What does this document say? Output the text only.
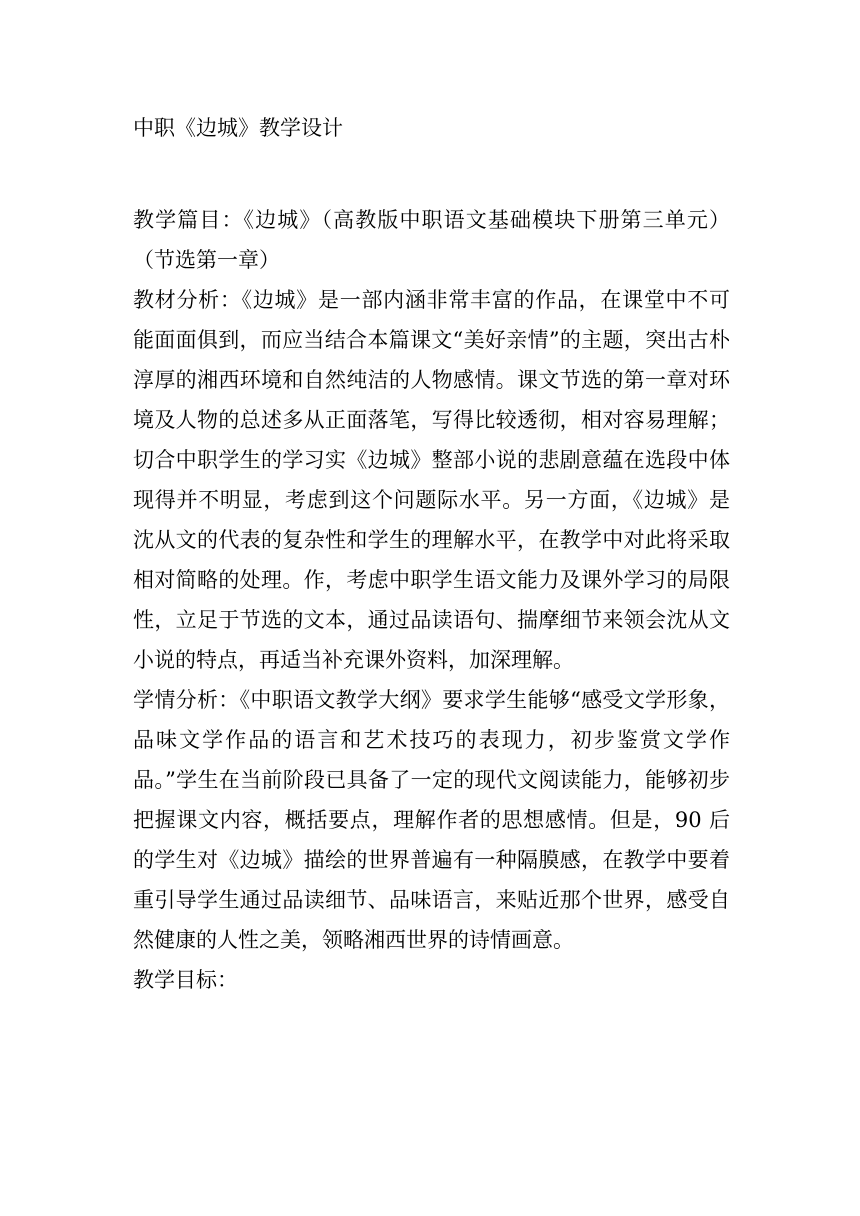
中职《边城》教学设计

教学篇目：《边城》（高教版中职语文基础模块下册第三单元）（节选第一章）

教材分析：《边城》是一部内涵非常丰富的作品，在课堂中不可能面面俱到，而应当结合本篇课文“美好亲情”的主题，突出古朴淳厚的湘西环境和自然纯洁的人物感情。课文节选的第一章对环境及人物的总述多从正面落笔，写得比较透彻，相对容易理解；切合中职学生的学习实《边城》整部小说的悲剧意蕴在选段中体现得并不明显，考虑到这个问题际水平。另一方面，《边城》是沈从文的代表的复杂性和学生的理解水平，在教学中对此将采取相对简略的处理。作，考虑中职学生语文能力及课外学习的局限性，立足于节选的文本，通过品读语句、揣摩细节来领会沈从文小说的特点，再适当补充课外资料，加深理解。

学情分析：《中职语文教学大纲》要求学生能够“感受文学形象，品味文学作品的语言和艺术技巧的表现力，初步鉴赏文学作品。”学生在当前阶段已具备了一定的现代文阅读能力，能够初步把握课文内容，概括要点，理解作者的思想感情。但是，90 后的学生对《边城》描绘的世界普遍有一种隔膜感，在教学中要着重引导学生通过品读细节、品味语言，来贴近那个世界，感受自然健康的人性之美，领略湘西世界的诗情画意。

教学目标：
